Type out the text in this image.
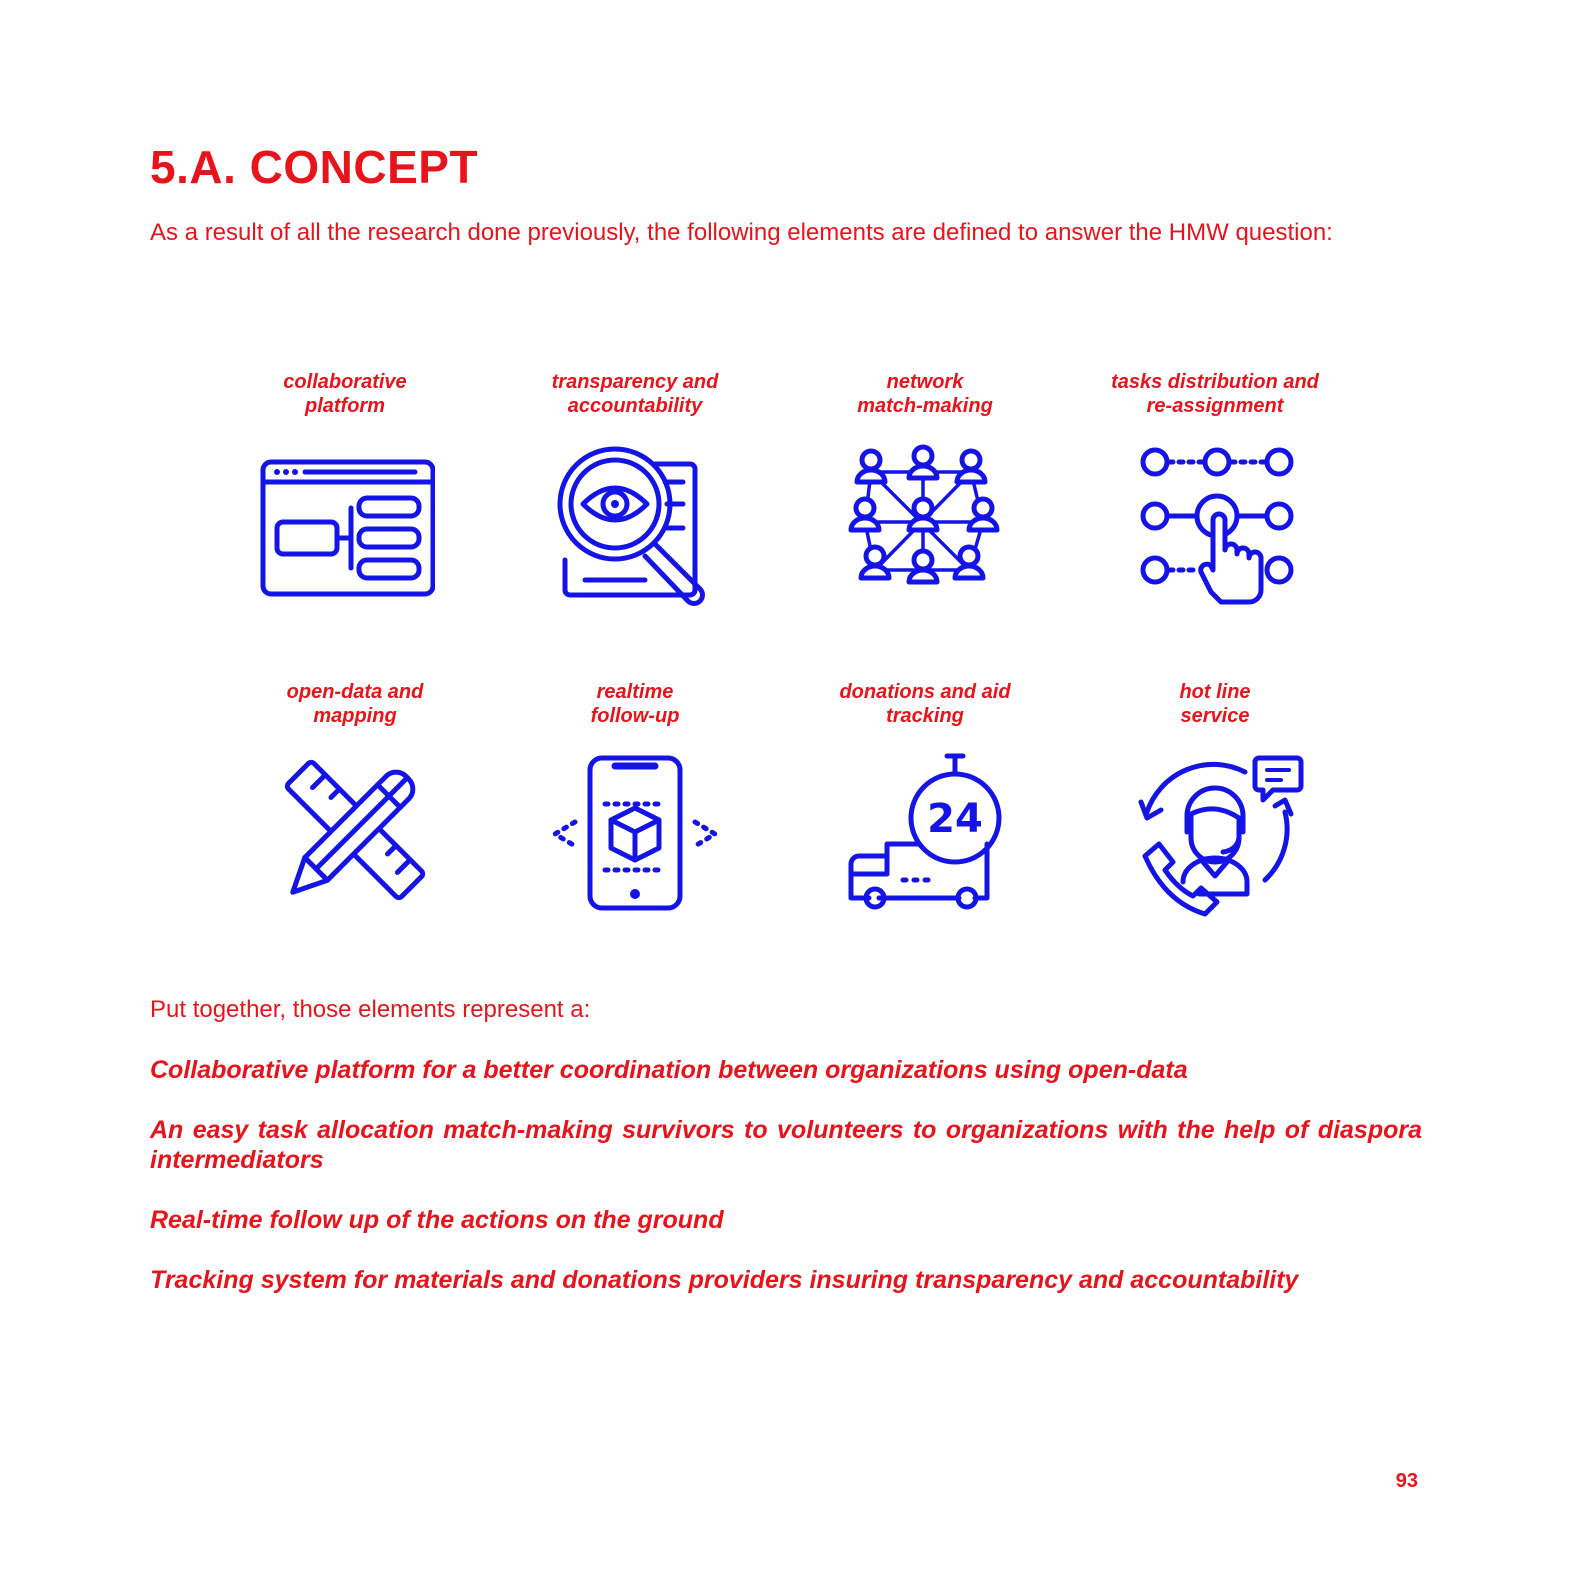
5.A. CONCEPT

As a result of all the research done previously, the following elements are defined to answer the HMW question:

collaborative
platform
transparency and
accountability
network
match-making
tasks distribution and
re-assignment
open-data and
mapping
realtime
follow-up
donations and aid
tracking
24
hot line
service

Put together, those elements represent a:

Collaborative platform for a better coordination between organizations using open-data

An easy task allocation match-making survivors to volunteers to organizations with the help of diaspora intermediators

Real-time follow up of the actions on the ground

Tracking system for materials and donations providers insuring transparency and accountability

93
